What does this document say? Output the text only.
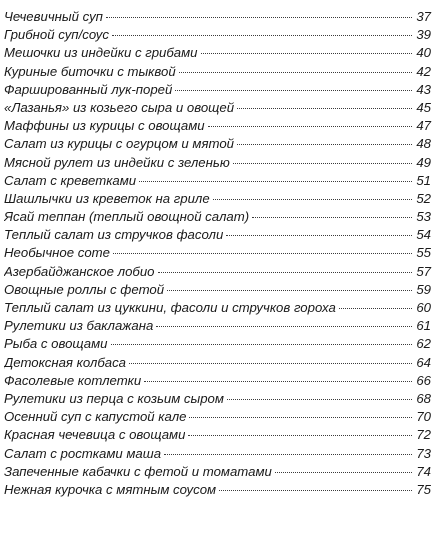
Чечевичный суп	37
Грибной суп/соус	39
Мешочки из индейки с грибами	40
Куриные биточки с тыквой	42
Фаршированный лук-порей	43
«Лазанья» из козьего сыра и овощей	45
Маффины из курицы с овощами	47
Салат из курицы с огурцом и мятой	48
Мясной рулет из индейки с зеленью	49
Салат с креветками	51
Шашлычки из креветок на гриле	52
Ясай теппан (теплый овощной салат)	53
Теплый салат из стручков фасоли	54
Необычное соте	55
Азербайджанское лобио	57
Овощные роллы с фетой	59
Теплый салат из цуккини, фасоли и стручков гороха	60
Рулетики из баклажана	61
Рыба с овощами	62
Детоксная колбаса	64
Фасолевые котлетки	66
Рулетики из перца с козьим сыром	68
Осенний суп с капустой кале	70
Красная чечевица с овощами	72
Салат с ростками маша	73
Запеченные кабачки с фетой и томатами	74
Нежная курочка с мятным соусом	75
